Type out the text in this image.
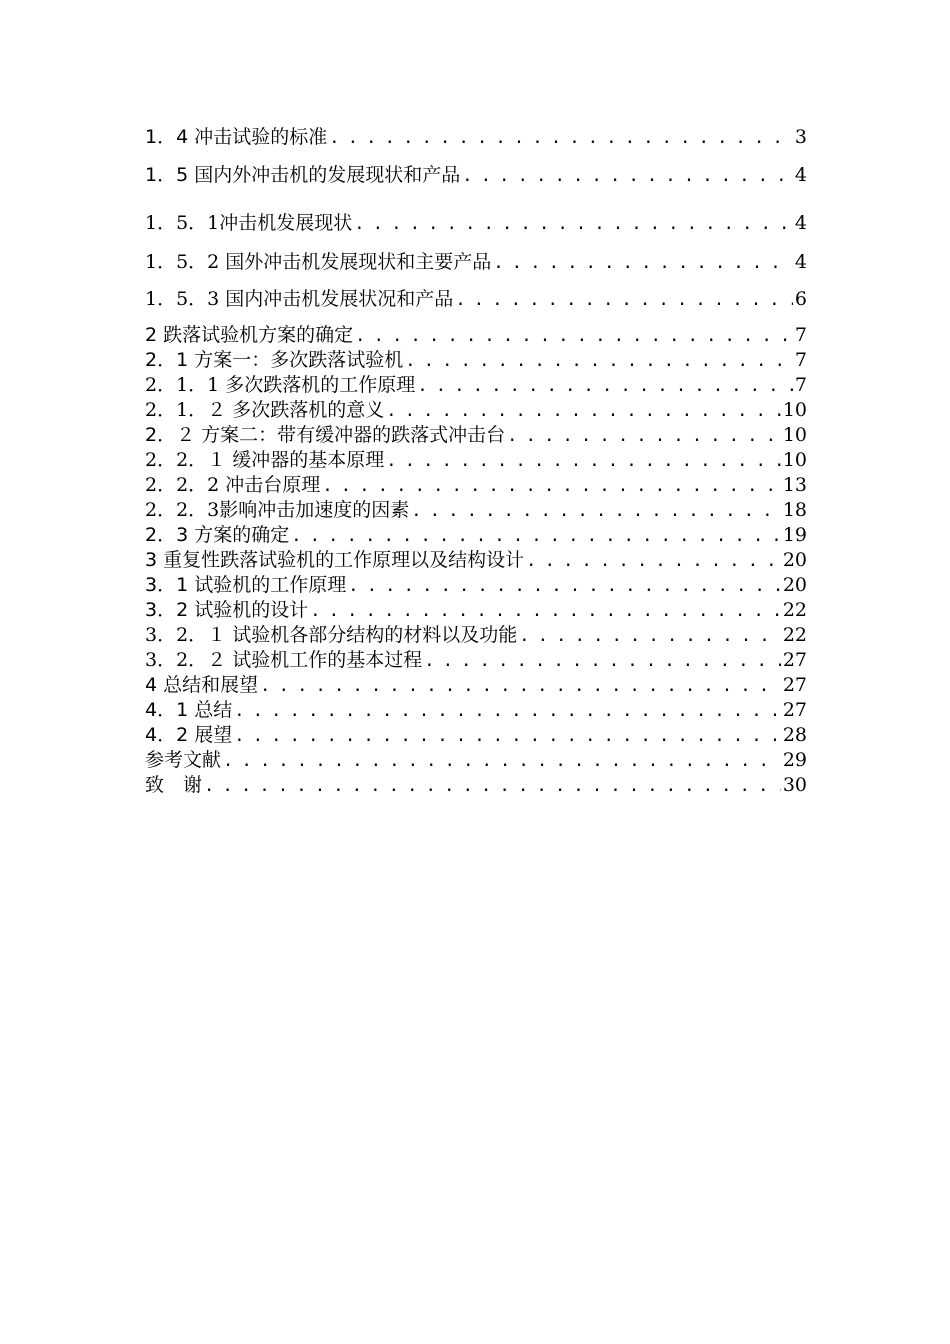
1．4 冲击试验的标准 . . .	3
1．5 国内外冲击机的发展现状和产品 . . .	4
1．5．1冲击机发展现状 . . .	4
1．5．2 国外冲击机发展现状和主要产品 . . .	4
1．5．3 国内冲击机发展状况和产品 . . .	6
2 跌落试验机方案的确定 . . .	7
2．1 方案一：多次跌落试验机 . . .	7
2．1．1 多次跌落机的工作原理 . . .	7
2．1．２ 多次跌落机的意义 . . .	10
2．２ 方案二：带有缓冲器的跌落式冲击台 . . .	10
2．2．１ 缓冲器的基本原理 . . .	10
2．2．2 冲击台原理 . . .	13
2．2．3影响冲击加速度的因素 . . .	18
2．3 方案的确定 . . .	19
3 重复性跌落试验机的工作原理以及结构设计 . . .	20
3．1 试验机的工作原理 . . .	20
3．2 试验机的设计 . . .	22
3．2．１ 试验机各部分结构的材料以及功能 . . .	22
3．2．２ 试验机工作的基本过程 . . .	27
4 总结和展望 . . .	27
4．1 总结 . . .	27
4．2 展望 . . .	28
参考文献 . . .	29
致　谢 . . .	30
